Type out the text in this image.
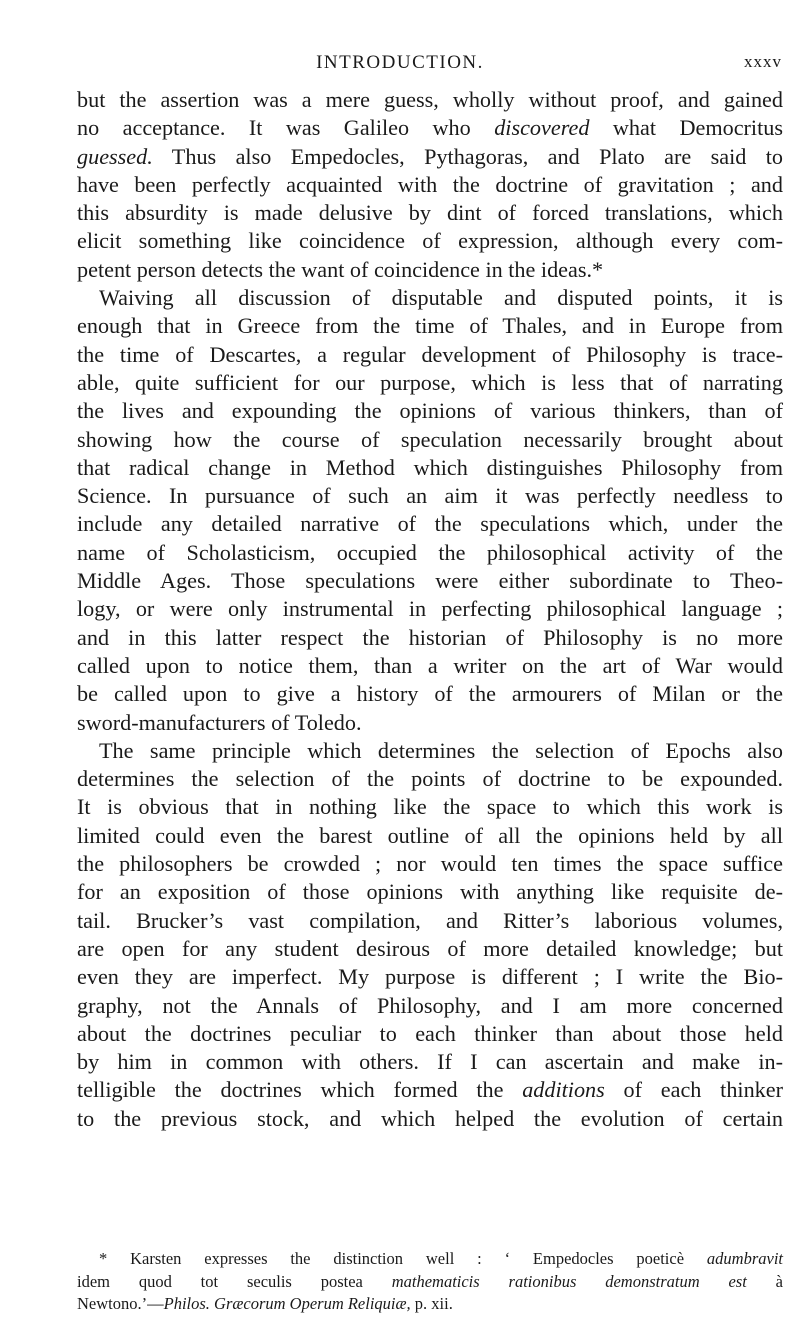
INTRODUCTION.	xxxv
but the assertion was a mere guess, wholly without proof, and gained
no acceptance. It was Galileo who discovered what Democritus
guessed. Thus also Empedocles, Pythagoras, and Plato are said to
have been perfectly acquainted with the doctrine of gravitation ; and
this absurdity is made delusive by dint of forced translations, which
elicit something like coincidence of expression, although every com-
petent person detects the want of coincidence in the ideas.*
Waiving all discussion of disputable and disputed points, it is
enough that in Greece from the time of Thales, and in Europe from
the time of Descartes, a regular development of Philosophy is trace-
able, quite sufficient for our purpose, which is less that of narrating
the lives and expounding the opinions of various thinkers, than of
showing how the course of speculation necessarily brought about
that radical change in Method which distinguishes Philosophy from
Science. In pursuance of such an aim it was perfectly needless to
include any detailed narrative of the speculations which, under the
name of Scholasticism, occupied the philosophical activity of the
Middle Ages. Those speculations were either subordinate to Theo-
logy, or were only instrumental in perfecting philosophical language ;
and in this latter respect the historian of Philosophy is no more
called upon to notice them, than a writer on the art of War would
be called upon to give a history of the armourers of Milan or the
sword-manufacturers of Toledo.
The same principle which determines the selection of Epochs also
determines the selection of the points of doctrine to be expounded.
It is obvious that in nothing like the space to which this work is
limited could even the barest outline of all the opinions held by all
the philosophers be crowded ; nor would ten times the space suffice
for an exposition of those opinions with anything like requisite de-
tail. Brucker’s vast compilation, and Ritter’s laborious volumes,
are open for any student desirous of more detailed knowledge; but
even they are imperfect. My purpose is different ; I write the Bio-
graphy, not the Annals of Philosophy, and I am more concerned
about the doctrines peculiar to each thinker than about those held
by him in common with others. If I can ascertain and make in-
telligible the doctrines which formed the additions of each thinker
to the previous stock, and which helped the evolution of certain
* Karsten expresses the distinction well : ‘ Empedocles poeticè adumbravit
idem quod tot seculis postea mathematicis rationibus demonstratum est à
Newtono.’—Philos. Græcorum Operum Reliquiæ, p. xii.
